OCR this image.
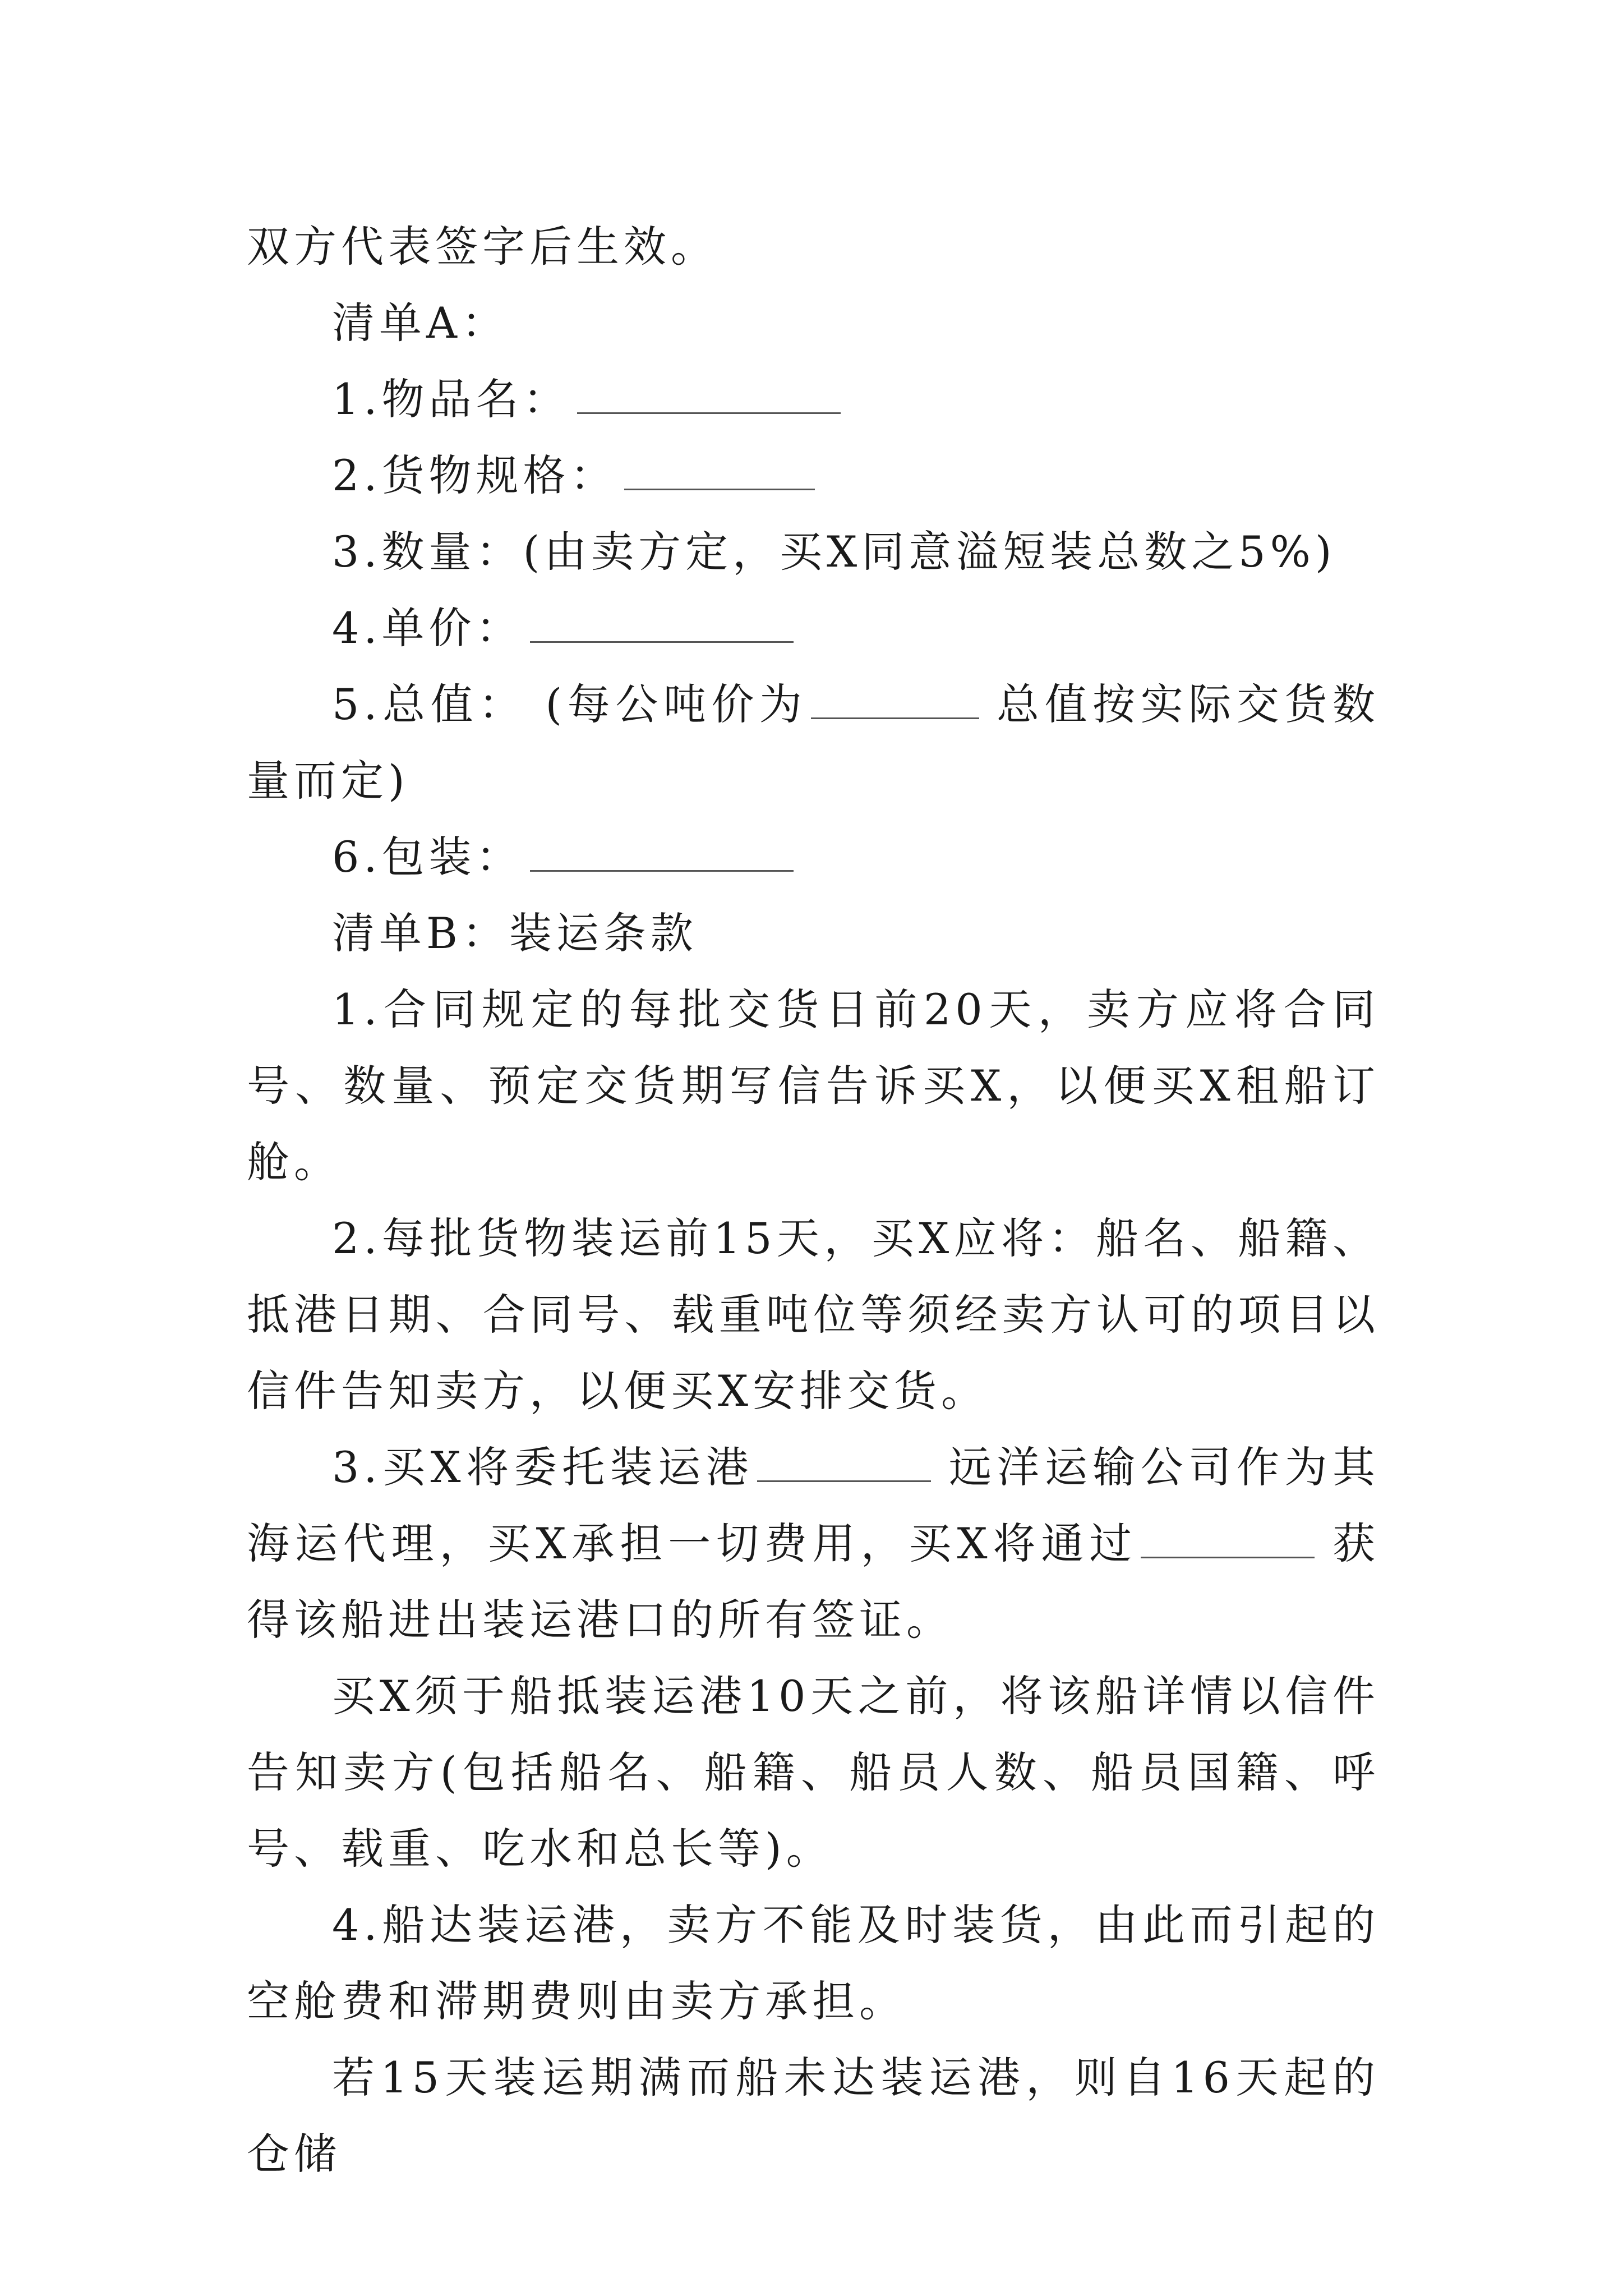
双方代表签字后生效。

清单A：

1.物品名：

2.货物规格：

3.数量：(由卖方定，买X同意溢短装总数之5%)

4.单价：

5.总值： (每公吨价为	总值按实际交货数量而定)

6.包装：

清单B：装运条款

1.合同规定的每批交货日前20天，卖方应将合同号、数量、预定交货期写信告诉买X，以便买X租船订舱。

2.每批货物装运前15天，买X应将：船名、船籍、抵港日期、合同号、载重吨位等须经卖方认可的项目以信件告知卖方，以便买X安排交货。

3.买X将委托装运港	远洋运输公司作为其海运代理，买X承担一切费用，买X将通过	获得该船进出装运港口的所有签证。

买X须于船抵装运港10天之前，将该船详情以信件告知卖方(包括船名、船籍、船员人数、船员国籍、呼号、载重、吃水和总长等)。

4.船达装运港，卖方不能及时装货，由此而引起的空舱费和滞期费则由卖方承担。

若15天装运期满而船未达装运港，则自16天起的仓储
